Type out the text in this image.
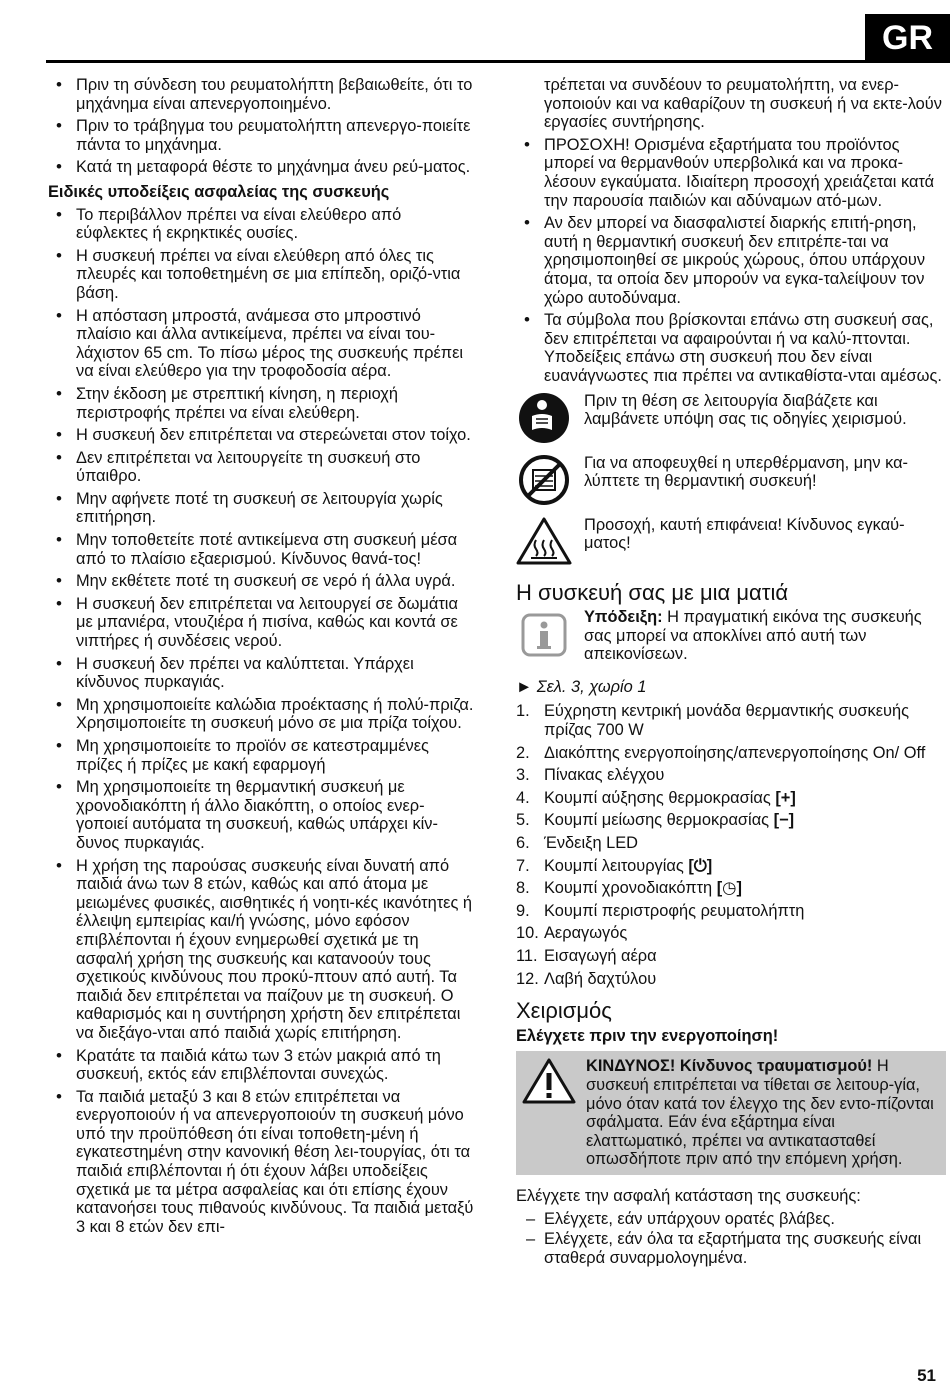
GR
• Πριν τη σύνδεση του ρευματολήπτη βεβαιωθείτε, ότι το μηχάνημα είναι απενεργοποιημένο.
• Πριν το τράβηγμα του ρευματολήπτη απενεργο-ποιείτε πάντα το μηχάνημα.
• Κατά τη μεταφορά θέστε το μηχάνημα άνευ ρεύ-ματος.
Ειδικές υποδείξεις ασφαλείας της συσκευής
• Το περιβάλλον πρέπει να είναι ελεύθερο από εύφλεκτες ή εκρηκτικές ουσίες.
• Η συσκευή πρέπει να είναι ελεύθερη από όλες τις πλευρές και τοποθετημένη σε μια επίπεδη, οριζό-ντια βάση.
• Η απόσταση μπροστά, ανάμεσα στο μπροστινό πλαίσιο και άλλα αντικείμενα, πρέπει να είναι του-λάχιστον 65 cm. Το πίσω μέρος της συσκευής πρέπει να είναι ελεύθερο για την τροφοδοσία αέρα.
• Στην έκδοση με στρεπτική κίνηση, η περιοχή περιστροφής πρέπει να είναι ελεύθερη.
• Η συσκευή δεν επιτρέπεται να στερεώνεται στον τοίχο.
• Δεν επιτρέπεται να λειτουργείτε τη συσκευή στο ύπαιθρο.
• Μην αφήνετε ποτέ τη συσκευή σε λειτουργία χωρίς επιτήρηση.
• Μην τοποθετείτε ποτέ αντικείμενα στη συσκευή μέσα από το πλαίσιο εξαερισμού. Κίνδυνος θανά-τος!
• Μην εκθέτετε ποτέ τη συσκευή σε νερό ή άλλα υγρά.
• Η συσκευή δεν επιτρέπεται να λειτουργεί σε δωμάτια με μπανιέρα, ντουζιέρα ή πισίνα, καθώς και κοντά σε νιπτήρες ή συνδέσεις νερού.
• Η συσκευή δεν πρέπει να καλύπτεται. Υπάρχει κίνδυνος πυρκαγιάς.
• Μη χρησιμοποιείτε καλώδια προέκτασης ή πολύ-πριζα. Χρησιμοποιείτε τη συσκευή μόνο σε μια πρίζα τοίχου.
• Μη χρησιμοποιείτε το προϊόν σε κατεστραμμένες πρίζες ή πρίζες με κακή εφαρμογή
• Μη χρησιμοποιείτε τη θερμαντική συσκευή με χρονοδιακόπτη ή άλλο διακόπτη, ο οποίος ενερ-γοποιεί αυτόματα τη συσκευή, καθώς υπάρχει κίν-δυνος πυρκαγιάς.
• Η χρήση της παρούσας συσκευής είναι δυνατή από παιδιά άνω των 8 ετών, καθώς και από άτομα με μειωμένες φυσικές, αισθητικές ή νοητι-κές ικανότητες ή έλλειψη εμπειρίας και/ή γνώσης, μόνο εφόσον επιβλέπονται ή έχουν ενημερωθεί σχετικά με τη ασφαλή χρήση της συσκευής και κατανοούν τους σχετικούς κινδύνους που προκύ-πτουν από αυτή. Τα παιδιά δεν επιτρέπεται να παίζουν με τη συσκευή. Ο καθαρισμός και η συντήρηση χρήστη δεν επιτρέπεται να διεξάγο-νται από παιδιά χωρίς επιτήρηση.
• Κρατάτε τα παιδιά κάτω των 3 ετών μακριά από τη συσκευή, εκτός εάν επιβλέπονται συνεχώς.
• Τα παιδιά μεταξύ 3 και 8 ετών επιτρέπεται να ενεργοποιούν ή να απενεργοποιούν τη συσκευή μόνο υπό την προϋπόθεση ότι είναι τοποθετη-μένη ή εγκατεστημένη στην κανονική θέση λει-τουργίας, ότι τα παιδιά επιβλέπονται ή ότι έχουν λάβει υποδείξεις σχετικά με τα μέτρα ασφαλείας και ότι επίσης έχουν κατανοήσει τους πιθανούς κινδύνους. Τα παιδιά μεταξύ 3 και 8 ετών δεν επι-
τρέπεται να συνδέουν το ρευματολήπτη, να ενερ-γοποιούν και να καθαρίζουν τη συσκευή ή να εκτε-λούν εργασίες συντήρησης.
• ΠΡΟΣΟΧΗ! Ορισμένα εξαρτήματα του προϊόντος μπορεί να θερμανθούν υπερβολικά και να προκα-λέσουν εγκαύματα. Ιδιαίτερη προσοχή χρειάζεται κατά την παρουσία παιδιών και αδύναμων ατό-μων.
• Αν δεν μπορεί να διασφαλιστεί διαρκής επιτή-ρηση, αυτή η θερμαντική συσκευή δεν επιτρέπε-ται να χρησιμοποιηθεί σε μικρούς χώρους, όπου υπάρχουν άτομα, τα οποία δεν μπορούν να εγκα-ταλείψουν τον χώρο αυτοδύναμα.
• Τα σύμβολα που βρίσκονται επάνω στη συσκευή σας, δεν επιτρέπεται να αφαιρούνται ή να καλύ-πτονται. Υποδείξεις επάνω στη συσκευή που δεν είναι ευανάγνωστες πια πρέπει να αντικαθίστα-νται αμέσως.
Πριν τη θέση σε λειτουργία διαβάζετε και λαμβάνετε υπόψη σας τις οδηγίες χειρισμού.
Για να αποφευχθεί η υπερθέρμανση, μην κα-λύπτετε τη θερμαντική συσκευή!
Προσοχή, καυτή επιφάνεια! Κίνδυνος εγκαύ-ματος!
Η συσκευή σας με μια ματιά
Υπόδειξη: Η πραγματική εικόνα της συσκευής σας μπορεί να αποκλίνει από αυτή των απεικονίσεων.
► Σελ. 3, χωρίο 1
1. Εύχρηστη κεντρική μονάδα θερμαντικής συσκευής πρίζας 700 W
2. Διακόπτης ενεργοποίησης/απενεργοποίησης On/ Off
3. Πίνακας ελέγχου
4. Κουμπί αύξησης θερμοκρασίας [+]
5. Κουμπί μείωσης θερμοκρασίας [−]
6. Ένδειξη LED
7. Κουμπί λειτουργίας [⏻]
8. Κουμπί χρονοδιακόπτη [◷]
9. Κουμπί περιστροφής ρευματολήπτη
10. Αεραγωγός
11. Εισαγωγή αέρα
12. Λαβή δαχτύλου
Χειρισμός
Ελέγχετε πριν την ενεργοποίηση!
ΚΙΝΔΥΝΟΣ! Κίνδυνος τραυματισμού! Η συσκευή επιτρέπεται να τίθεται σε λειτουρ-γία, μόνο όταν κατά τον έλεγχο της δεν εντο-πίζονται σφάλματα. Εάν ένα εξάρτημα είναι ελαττωματικό, πρέπει να αντικατασταθεί οπωσδήποτε πριν από την επόμενη χρήση.
Ελέγχετε την ασφαλή κατάσταση της συσκευής:
– Ελέγχετε, εάν υπάρχουν ορατές βλάβες.
– Ελέγχετε, εάν όλα τα εξαρτήματα της συσκευής είναι σταθερά συναρμολογημένα.
51
